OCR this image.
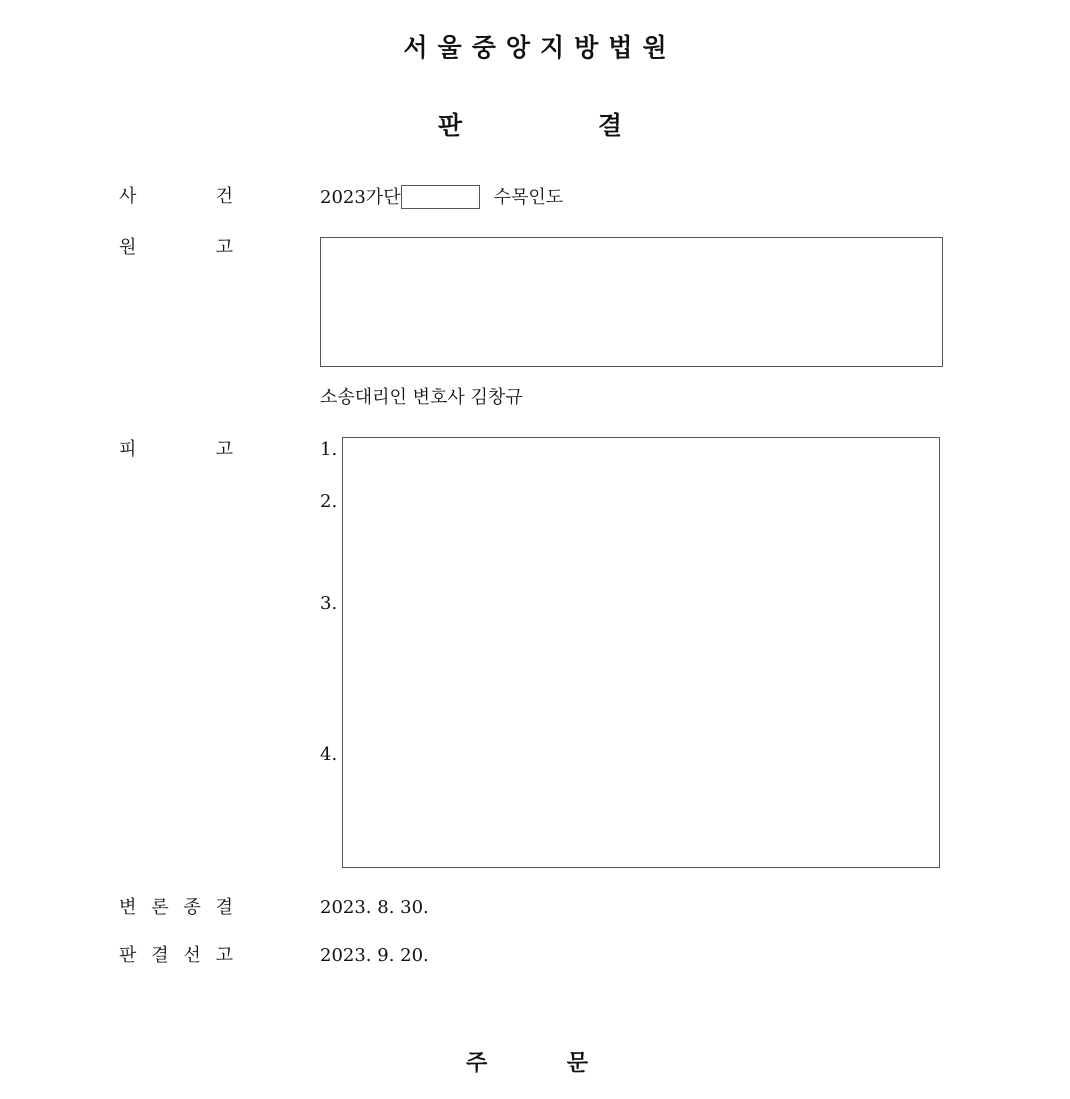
서울중앙지방법원
판	결
사	건	2023가단	수목인도
원	고
소송대리인 변호사 김창규
피	고	1.
2.
3.
4.
변 론 종 결	2023. 8. 30.
판 결 선 고	2023. 9. 20.
주	문
